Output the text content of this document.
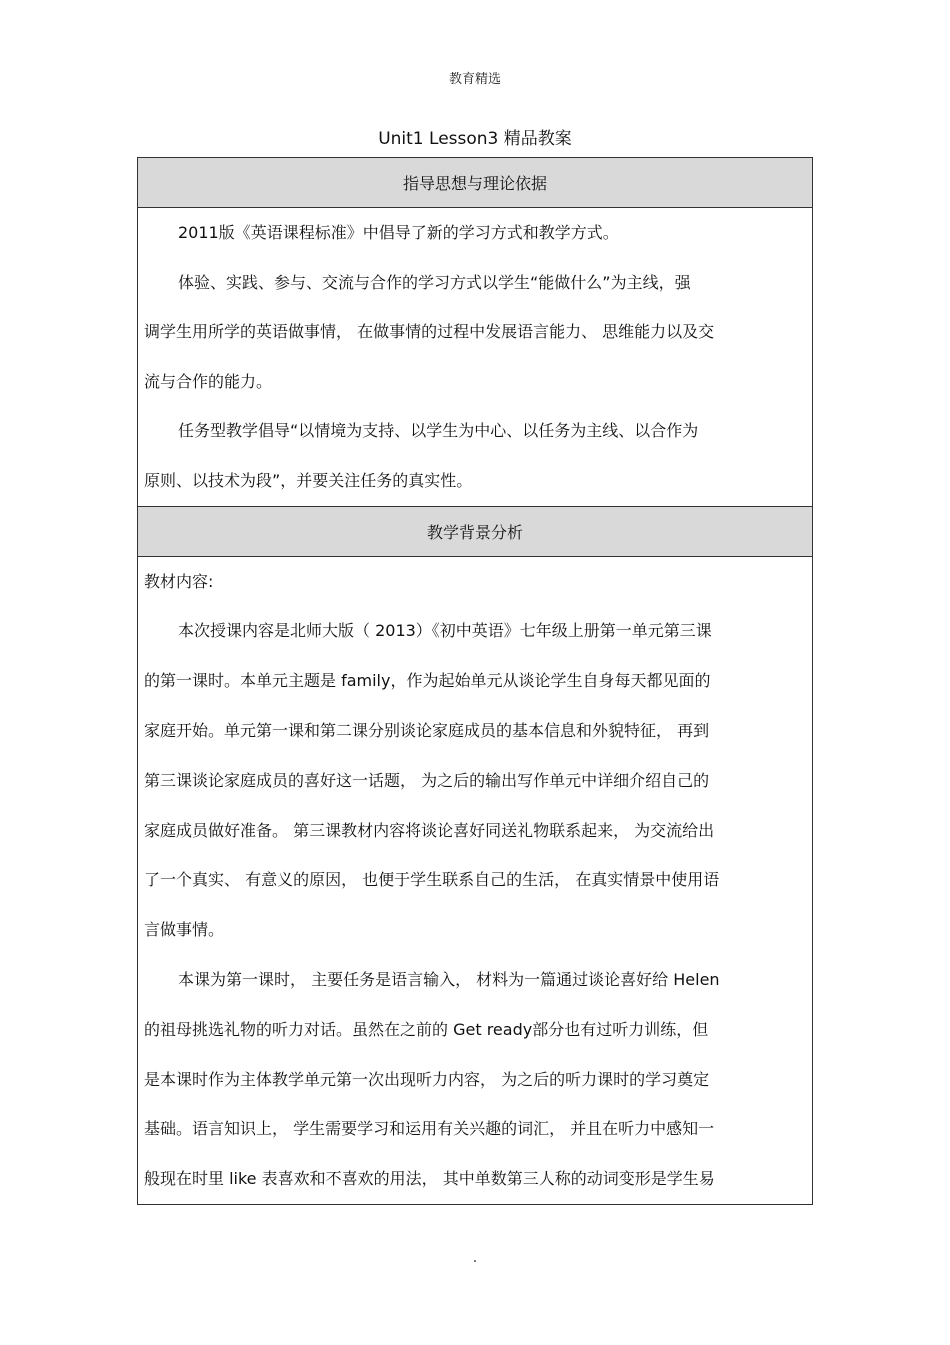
教育精选
Unit1 Lesson3 精品教案
指导思想与理论依据
2011版《英语课程标准》中倡导了新的学习方式和教学方式。
体验、实践、参与、交流与合作的学习方式以学生“能做什么”为主线，强
调学生用所学的英语做事情， 在做事情的过程中发展语言能力、 思维能力以及交
流与合作的能力。
任务型教学倡导“以情境为支持、以学生为中心、以任务为主线、以合作为
原则、以技术为段”，并要关注任务的真实性。
教学背景分析
教材内容:
本次授课内容是北师大版（ 2013）《初中英语》七年级上册第一单元第三课
的第一课时。本单元主题是 family，作为起始单元从谈论学生自身每天都见面的
家庭开始。单元第一课和第二课分别谈论家庭成员的基本信息和外貌特征， 再到
第三课谈论家庭成员的喜好这一话题， 为之后的输出写作单元中详细介绍自己的
家庭成员做好准备。 第三课教材内容将谈论喜好同送礼物联系起来， 为交流给出
了一个真实、 有意义的原因， 也便于学生联系自己的生活， 在真实情景中使用语
言做事情。
本课为第一课时， 主要任务是语言输入， 材料为一篇通过谈论喜好给 Helen
的祖母挑选礼物的听力对话。虽然在之前的 Get ready部分也有过听力训练，但
是本课时作为主体教学单元第一次出现听力内容， 为之后的听力课时的学习奠定
基础。语言知识上， 学生需要学习和运用有关兴趣的词汇， 并且在听力中感知一
般现在时里 like 表喜欢和不喜欢的用法， 其中单数第三人称的动词变形是学生易
.
